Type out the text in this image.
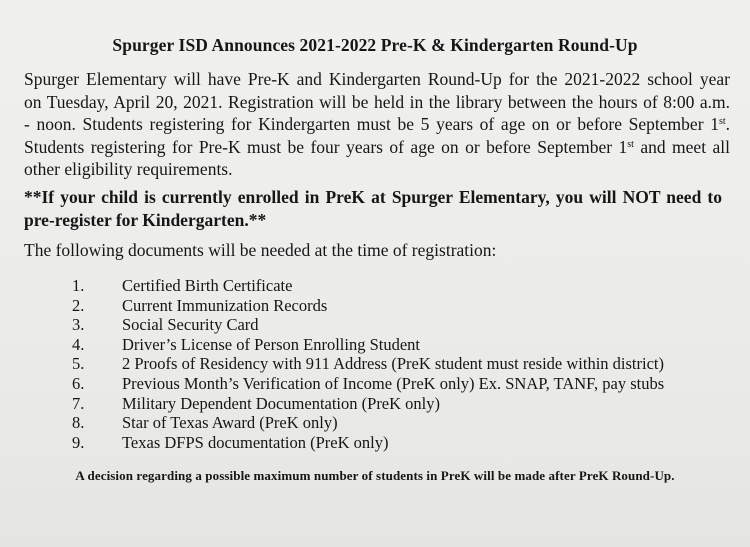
Spurger ISD Announces 2021-2022 Pre-K & Kindergarten Round-Up
Spurger Elementary will have Pre-K and Kindergarten Round-Up for the 2021-2022 school year
on Tuesday, April 20, 2021. Registration will be held in the library between the hours of 8:00 a.m.
- noon. Students registering for Kindergarten must be 5 years of age on or before September 1st.
Students registering for Pre-K must be four years of age on or before September 1st and meet all
other eligibility requirements.
**If your child is currently enrolled in PreK at Spurger Elementary, you will NOT need to
pre-register for Kindergarten.**
The following documents will be needed at the time of registration:
1. Certified Birth Certificate
2. Current Immunization Records
3. Social Security Card
4. Driver’s License of Person Enrolling Student
5. 2 Proofs of Residency with 911 Address (PreK student must reside within district)
6. Previous Month’s Verification of Income (PreK only) Ex. SNAP, TANF, pay stubs
7. Military Dependent Documentation (PreK only)
8. Star of Texas Award (PreK only)
9. Texas DFPS documentation (PreK only)
A decision regarding a possible maximum number of students in PreK will be made after PreK Round-Up.
